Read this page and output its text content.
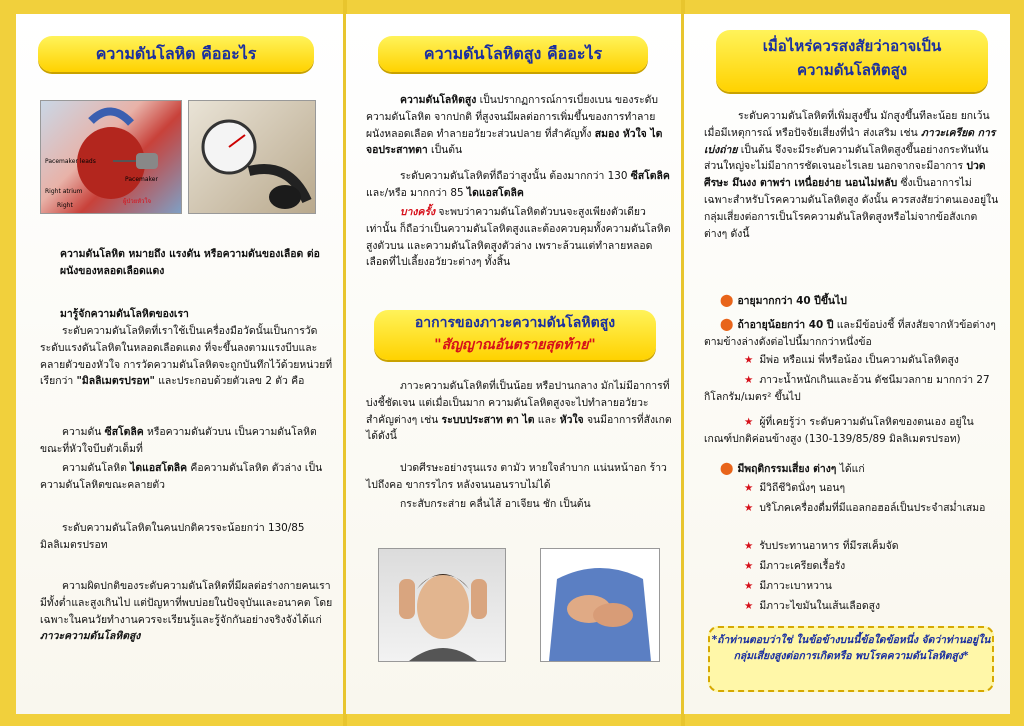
ความดันโลหิต คืออะไร
Pacemaker leads
Pacemaker
Right atrium
Right
ผู้ป่วยหัวใจ
ความดันโลหิต หมายถึง แรงดัน หรือความดันของเลือด ต่อผนังของหลอดเลือดแดง
มารู้จักความดันโลหิตของเรา
ระดับความดันโลหิตที่เราใช้เป็นเครื่องมือวัดนั้นเป็นการวัดระดับแรงดันโลหิตในหลอดเลือดแดง ที่จะขึ้นลงตามแรงบีบและคลายตัวของหัวใจ การวัดความดันโลหิตจะถูกบันทึกไว้ด้วยหน่วยที่เรียกว่า "มิลลิเมตรปรอท" และประกอบด้วยตัวเลข 2 ตัว คือ
ความดัน ซีสโตลิค หรือความดันตัวบน เป็นความดันโลหิตขณะที่หัวใจบีบตัวเต็มที่
ความดันโลหิต ไดแอสโตลิค คือความดันโลหิต ตัวล่าง เป็นความดันโลหิตขณะคลายตัว
ระดับความดันโลหิตในคนปกติควรจะน้อยกว่า 130/85 มิลลิเมตรปรอท
ความผิดปกติของระดับความดันโลหิตที่มีผลต่อร่างกายคนเรา มีทั้งต่ำและสูงเกินไป แต่ปัญหาที่พบบ่อยในปัจจุบันและอนาคต โดยเฉพาะในคนวัยทำงานควรจะเรียนรู้และรู้จักกันอย่างจริงจังได้แก่ ภาวะความดันโลหิตสูง
ความดันโลหิตสูง คืออะไร
ความดันโลหิตสูง เป็นปรากฏการณ์การเบี่ยงเบน ของระดับความดันโลหิต จากปกติ ที่สูงจนมีผลต่อการเพิ่มขึ้นของการทำลายผนังหลอดเลือด ทำลายอวัยวะส่วนปลาย ที่สำคัญทั้ง สมอง หัวใจ ไต จอประสาทตา เป็นต้น
ระดับความดันโลหิตที่ถือว่าสูงนั้น ต้องมากกว่า 130 ซีสโตลิค และ/หรือ มากกว่า 85 ไดแอสโตลิค
บางครั้ง จะพบว่าความดันโลหิตตัวบนจะสูงเพียงตัวเดียวเท่านั้น ก็ถือว่าเป็นความดันโลหิตสูงและต้องควบคุมทั้งความดันโลหิตสูงตัวบน และความดันโลหิตสูงตัวล่าง เพราะล้วนแต่ทำลายหลอดเลือดที่ไปเลี้ยงอวัยวะต่างๆ ทั้งสิ้น
อาการของภาวะความดันโลหิตสูง
"สัญญาณอันตรายสุดท้าย"
ภาวะความดันโลหิตที่เป็นน้อย หรือปานกลาง มักไม่มีอาการที่บ่งชี้ชัดเจน แต่เมื่อเป็นมาก ความดันโลหิตสูงจะไปทำลายอวัยวะสำคัญต่างๆ เช่น ระบบประสาท ตา ไต และ หัวใจ จนมีอาการที่สังเกตได้ดังนี้
ปวดศีรษะอย่างรุนแรง ตามัว หายใจลำบาก แน่นหน้าอก ร้าวไปถึงคอ ขากรรไกร หลังจนนอนราบไม่ได้
กระสับกระส่าย คลื่นไส้ อาเจียน ชัก เป็นต้น
เมื่อไหร่ควรสงสัยว่าอาจเป็น
ความดันโลหิตสูง
ระดับความดันโลหิตที่เพิ่มสูงขึ้น มักสูงขึ้นทีละน้อย ยกเว้นเมื่อมีเหตุการณ์ หรือปัจจัยเสี่ยงที่นำ ส่งเสริม เช่น ภาวะเครียด การเบ่งถ่าย เป็นต้น จึงจะมีระดับความดันโลหิตสูงขึ้นอย่างกระทันหัน ส่วนใหญ่จะไม่มีอาการชัดเจนอะไรเลย นอกจากจะมีอาการ ปวดศีรษะ มึนงง ตาพร่า เหนื่อยง่าย นอนไม่หลับ ซึ่งเป็นอาการไม่เฉพาะสำหรับโรคความดันโลหิตสูง ดังนั้น ควรสงสัยว่าตนเองอยู่ในกลุ่มเสี่ยงต่อการเป็นโรคความดันโลหิตสูงหรือไม่จากข้อสังเกตต่างๆ ดังนี้
⬤ อายุมากกว่า 40 ปีขึ้นไป
⬤ ถ้าอายุน้อยกว่า 40 ปี และมีข้อบ่งชี้ ที่สงสัยจากหัวข้อต่างๆ ตามข้างล่างดังต่อไปนี้มากกว่าหนึ่งข้อ
★ มีพ่อ หรือแม่ พี่หรือน้อง เป็นความดันโลหิตสูง
★ ภาวะน้ำหนักเกินและอ้วน ดัชนีมวลกาย มากกว่า 27 กิโลกรัม/เมตร² ขึ้นไป
★ ผู้ที่เคยรู้ว่า ระดับความดันโลหิตของตนเอง อยู่ในเกณฑ์ปกติค่อนข้างสูง (130-139/85/89 มิลลิเมตรปรอท)
⬤ มีพฤติกรรมเสี่ยง ต่างๆ ได้แก่
★ มีวิถีชีวิตนั่งๆ นอนๆ
★ บริโภคเครื่องดื่มที่มีแอลกอฮอล์เป็นประจำสม่ำเสมอ
★ รับประทานอาหาร ที่มีรสเค็มจัด
★ มีภาวะเครียดเรื้อรัง
★ มีภาวะเบาหวาน
★ มีภาวะไขมันในเส้นเลือดสูง
*ถ้าท่านตอบว่าใช่ ในข้อข้างบนนี้ข้อใดข้อหนึ่ง จัดว่าท่านอยู่ในกลุ่มเสี่ยงสูงต่อการเกิดหรือ พบโรคความดันโลหิตสูง*
